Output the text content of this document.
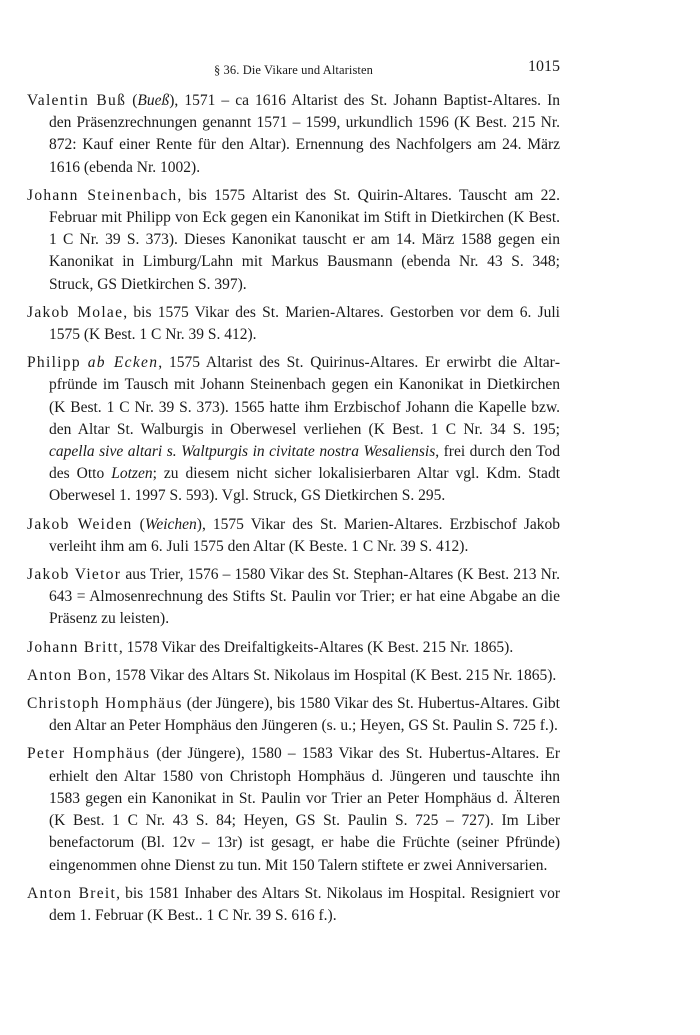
§ 36. Die Vikare und Altaristen	1015

Valentin Buß (Bueß), 1571 – ca 1616 Altarist des St. Johann Baptist-Altares. In den Präsenzrechnungen genannt 1571 – 1599, urkundlich 1596 (K Best. 215 Nr. 872: Kauf einer Rente für den Altar). Ernennung des Nachfolgers am 24. März 1616 (ebenda Nr. 1002).

Johann Steinenbach, bis 1575 Altarist des St. Quirin-Altares. Tauscht am 22. Februar mit Philipp von Eck gegen ein Kanonikat im Stift in Dietkirchen (K Best. 1 C Nr. 39 S. 373). Dieses Kanonikat tauscht er am 14. März 1588 gegen ein Kanonikat in Limburg/Lahn mit Markus Bausmann (ebenda Nr. 43 S. 348; Struck, GS Dietkirchen S. 397).

Jakob Molae, bis 1575 Vikar des St. Marien-Altares. Gestorben vor dem 6. Juli 1575 (K Best. 1 C Nr. 39 S. 412).

Philipp ab Ecken, 1575 Altarist des St. Quirinus-Altares. Er erwirbt die Altarpfründe im Tausch mit Johann Steinenbach gegen ein Kanonikat in Dietkirchen (K Best. 1 C Nr. 39 S. 373). 1565 hatte ihm Erzbischof Johann die Kapelle bzw. den Altar St. Walburgis in Oberwesel verliehen (K Best. 1 C Nr. 34 S. 195; capella sive altari s. Waltpurgis in civitate nostra Wesaliensis, frei durch den Tod des Otto Lotzen; zu diesem nicht sicher lokalisierbaren Altar vgl. Kdm. Stadt Oberwesel 1. 1997 S. 593). Vgl. Struck, GS Dietkirchen S. 295.

Jakob Weiden (Weichen), 1575 Vikar des St. Marien-Altares. Erzbischof Jakob verleiht ihm am 6. Juli 1575 den Altar (K Beste. 1 C Nr. 39 S. 412).

Jakob Vietor aus Trier, 1576 – 1580 Vikar des St. Stephan-Altares (K Best. 213 Nr. 643 = Almosenrechnung des Stifts St. Paulin vor Trier; er hat eine Abgabe an die Präsenz zu leisten).

Johann Britt, 1578 Vikar des Dreifaltigkeits-Altares (K Best. 215 Nr. 1865).

Anton Bon, 1578 Vikar des Altars St. Nikolaus im Hospital (K Best. 215 Nr. 1865).

Christoph Homphäus (der Jüngere), bis 1580 Vikar des St. Hubertus-Altares. Gibt den Altar an Peter Homphäus den Jüngeren (s. u.; Heyen, GS St. Paulin S. 725 f.).

Peter Homphäus (der Jüngere), 1580 – 1583 Vikar des St. Hubertus-Altares. Er erhielt den Altar 1580 von Christoph Homphäus d. Jüngeren und tauschte ihn 1583 gegen ein Kanonikat in St. Paulin vor Trier an Peter Homphäus d. Älteren (K Best. 1 C Nr. 43 S. 84; Heyen, GS St. Paulin S. 725 – 727). Im Liber benefactorum (Bl. 12v – 13r) ist gesagt, er habe die Früchte (seiner Pfründe) eingenommen ohne Dienst zu tun. Mit 150 Talern stiftete er zwei Anniversarien.

Anton Breit, bis 1581 Inhaber des Altars St. Nikolaus im Hospital. Resigniert vor dem 1. Februar (K Best.. 1 C Nr. 39 S. 616 f.).
